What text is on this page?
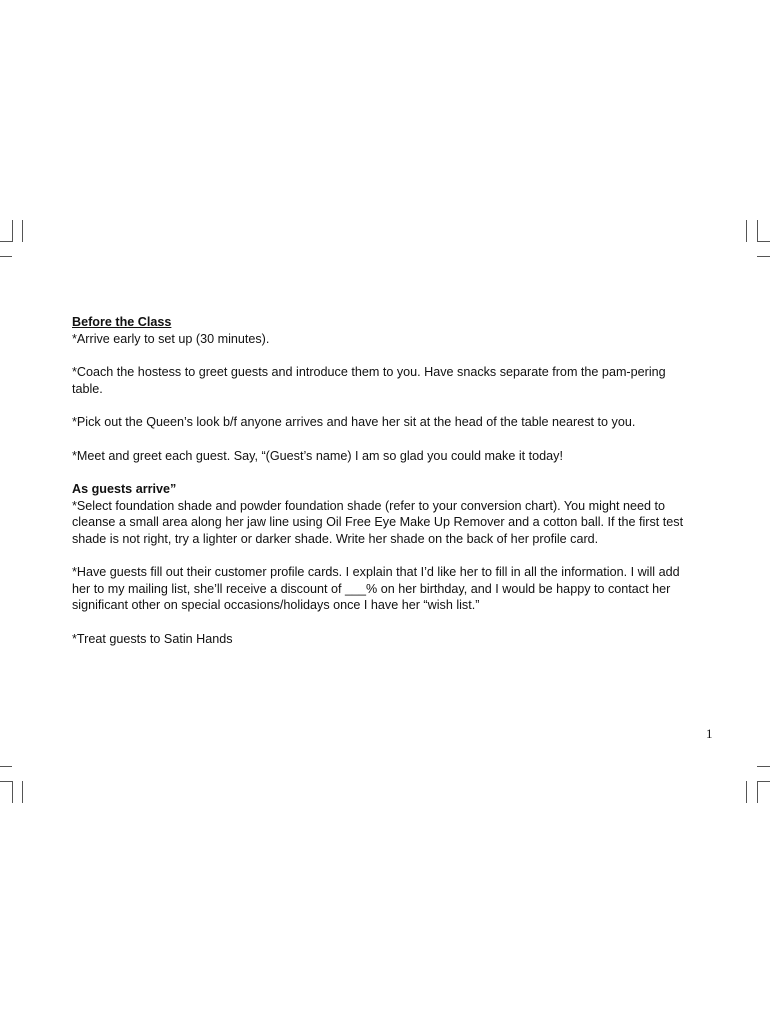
Before the Class

*Arrive early to set up (30 minutes).

*Coach the hostess to greet guests and introduce them to you. Have snacks separate from the pam-pering table.

*Pick out the Queen’s look b/f anyone arrives and have her sit at the head of the table nearest to you.

*Meet and greet each guest. Say, “(Guest’s name) I am so glad you could make it today!

As guests arrive”

*Select foundation shade and powder foundation shade (refer to your conversion chart). You might need to cleanse a small area along her jaw line using Oil Free Eye Make Up Remover and a cotton ball. If the first test shade is not right, try a lighter or darker shade. Write her shade on the back of her profile card.

*Have guests fill out their customer profile cards. I explain that I’d like her to fill in all the information. I will add her to my mailing list, she’ll receive a discount of ___% on her birthday, and I would be happy to contact her significant other on special occasions/holidays once I have her “wish list.”

*Treat guests to Satin Hands

1
